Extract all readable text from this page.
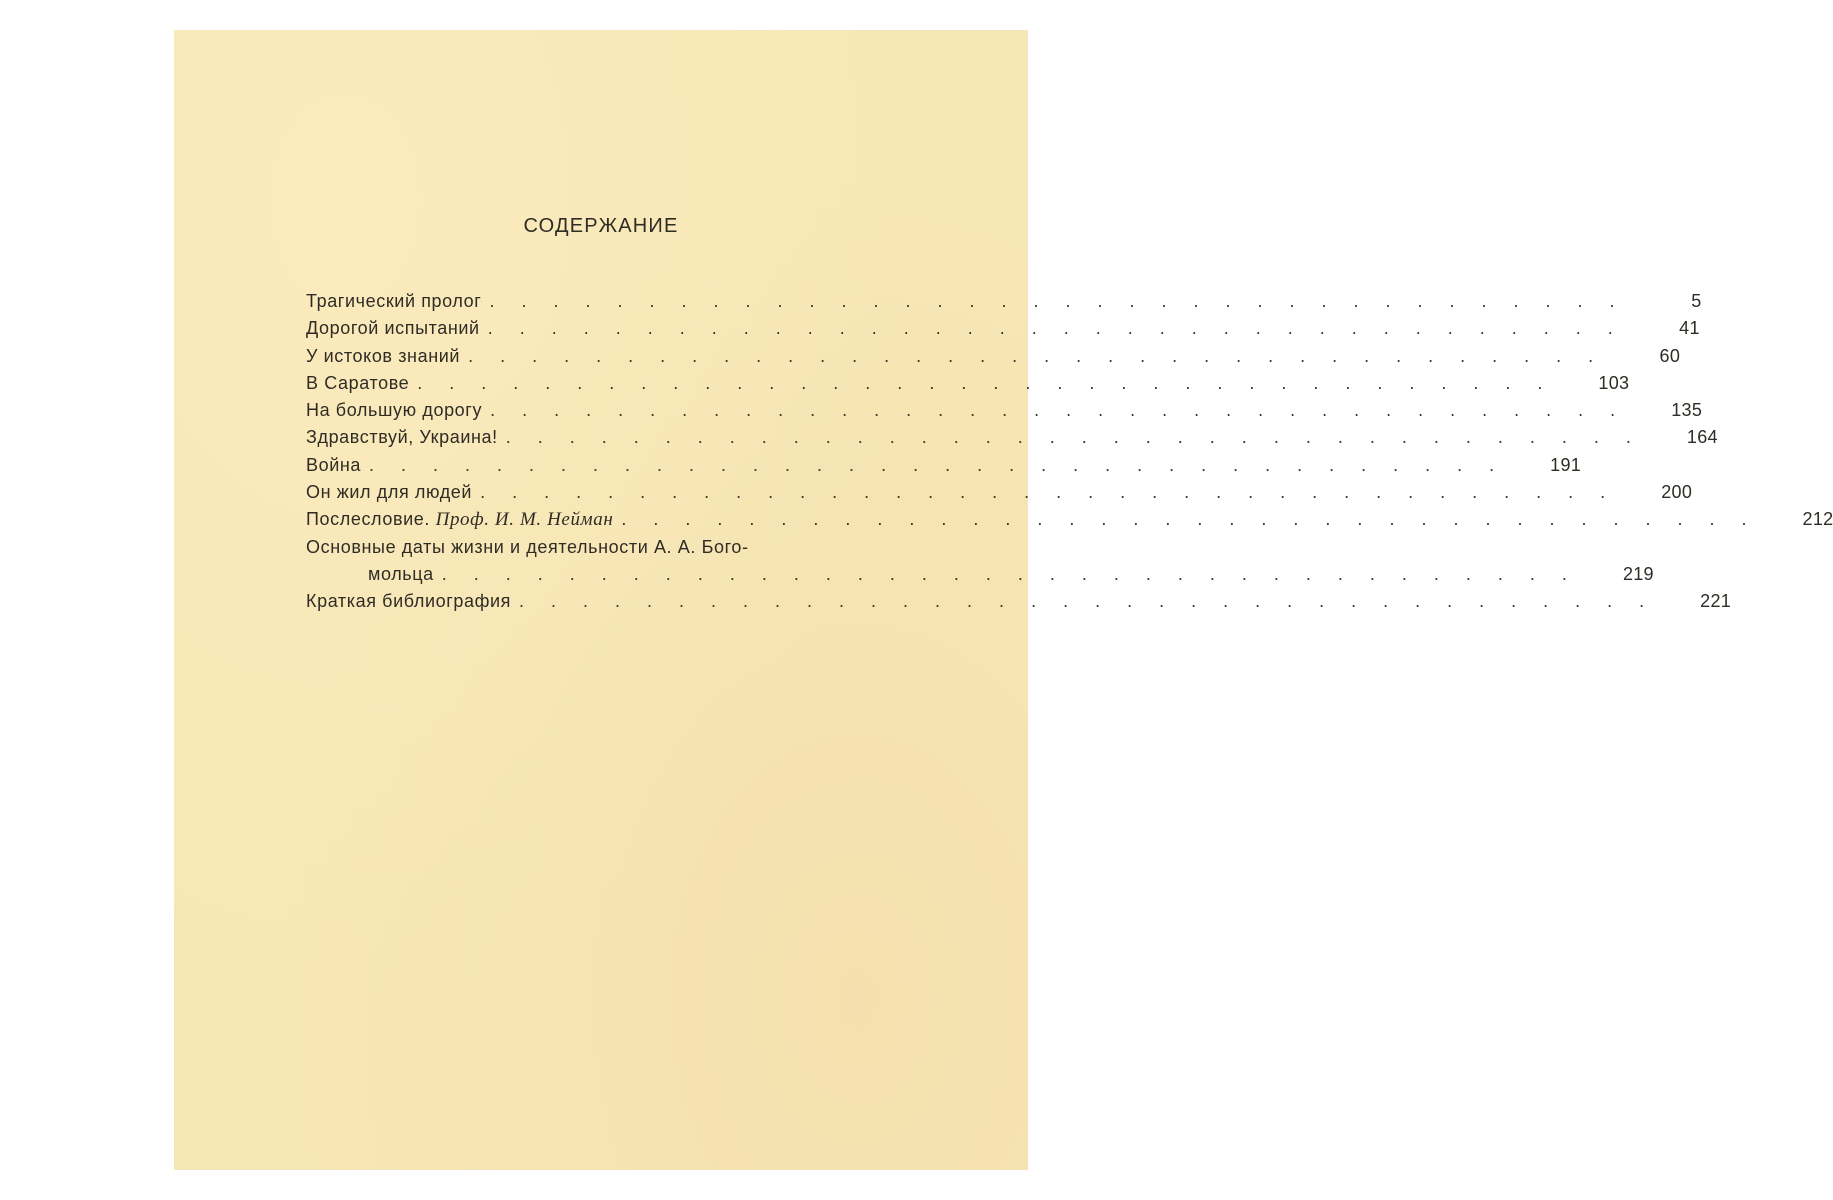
СОДЕРЖАНИЕ
Трагический пролог . . . . . . . . . . . . . . . . . . . . . . . . . . . . . . . . . . . .	5
Дорогой испытаний . . . . . . . . . . . . . . . . . . . . . . . . . . . . . . . . . . . .	41
У истоков знаний . . . . . . . . . . . . . . . . . . . . . . . . . . . . . . . . . . . .	60
В Саратове . . . . . . . . . . . . . . . . . . . . . . . . . . . . . . . . . . . .	103
На большую дорогу . . . . . . . . . . . . . . . . . . . . . . . . . . . . . . . . . . . .	135
Здравствуй, Украина! . . . . . . . . . . . . . . . . . . . . . . . . . . . . . . . . . . . .	164
Война . . . . . . . . . . . . . . . . . . . . . . . . . . . . . . . . . . . .	191
Он жил для людей . . . . . . . . . . . . . . . . . . . . . . . . . . . . . . . . . . . .	200
Послесловие. Проф. И. М. Нейман . . . . . . . . . . . . . . . . . . . . . . . . . . . . . . . . . . . .	212
Основные даты жизни и деятельности А. А. Бого-
мольца . . . . . . . . . . . . . . . . . . . . . . . . . . . . . . . . . . . .	219
Краткая библиография . . . . . . . . . . . . . . . . . . . . . . . . . . . . . . . . . . . .	221
